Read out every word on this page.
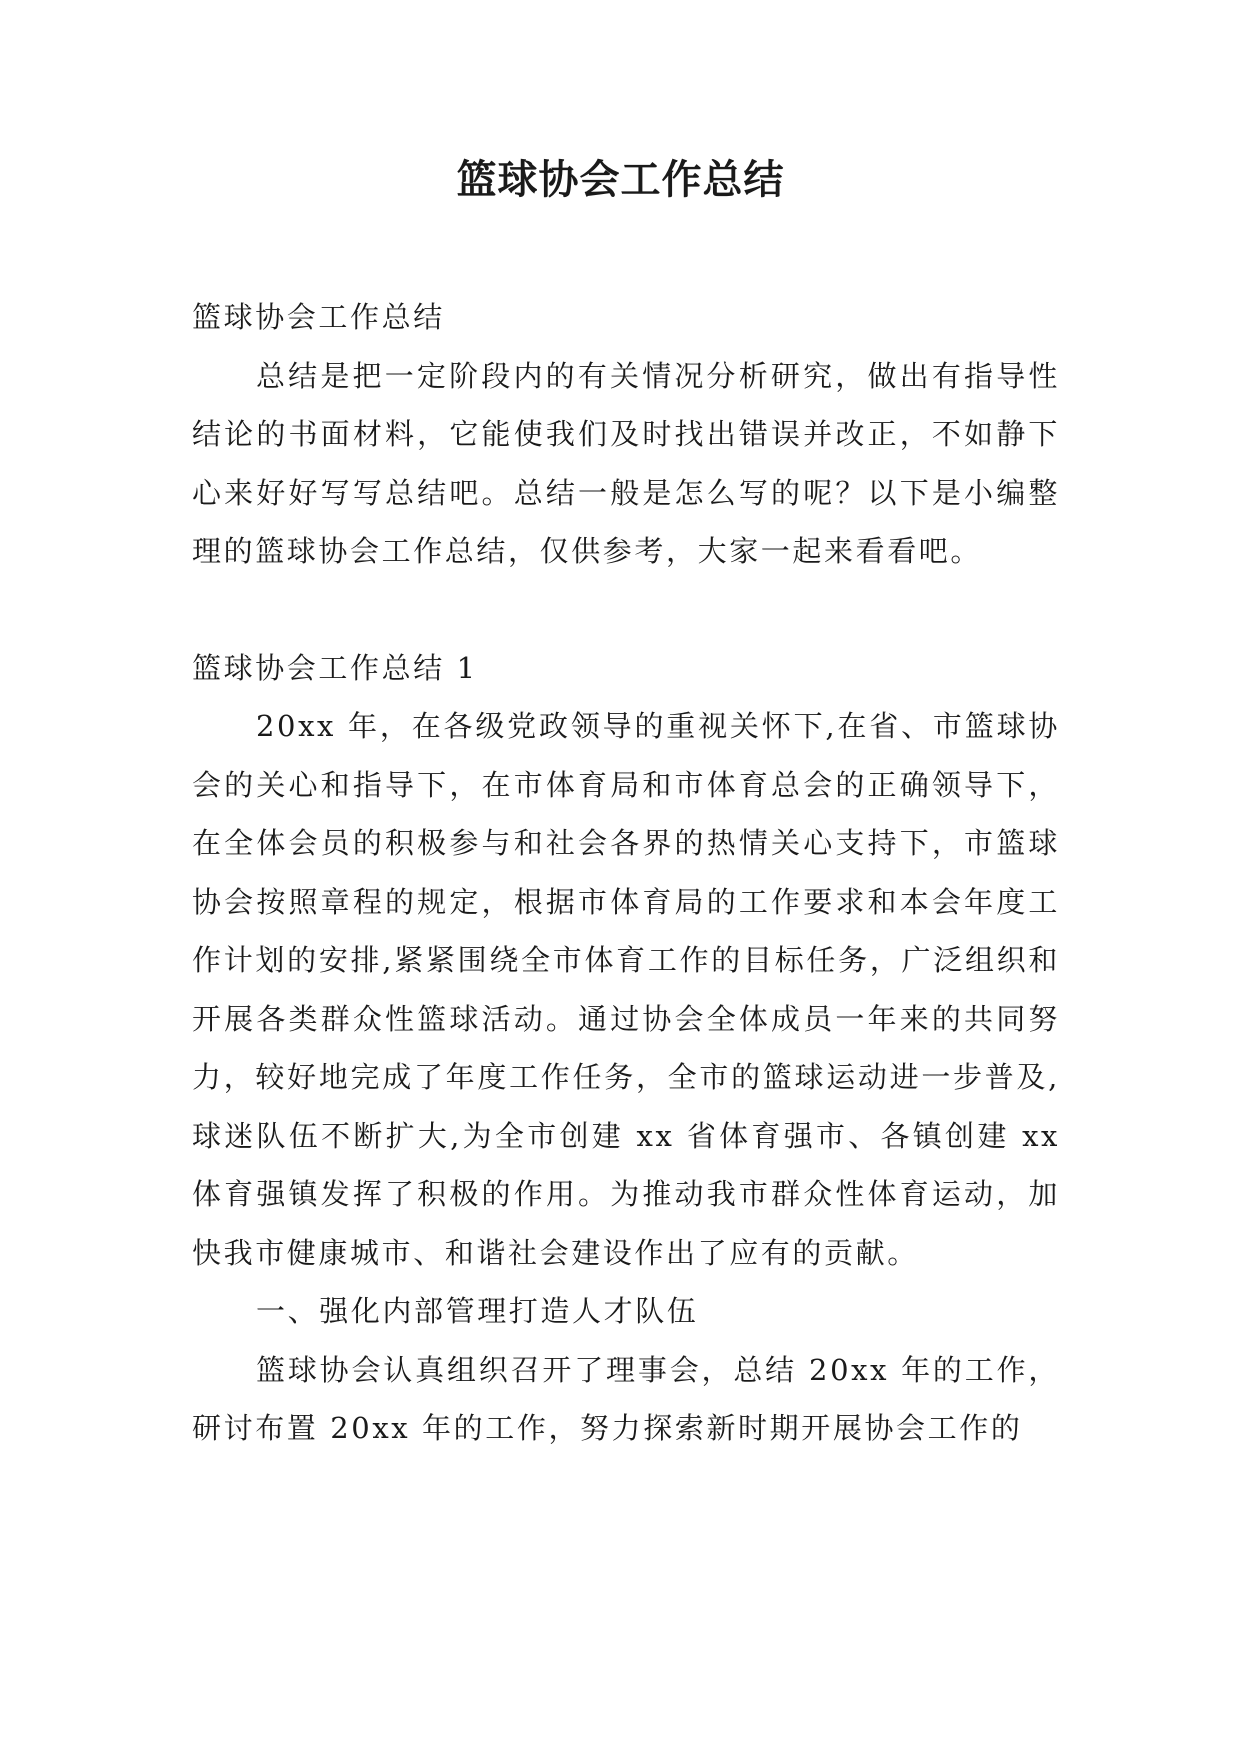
篮球协会工作总结

篮球协会工作总结

总结是把一定阶段内的有关情况分析研究，做出有指导性结论的书面材料，它能使我们及时找出错误并改正，不如静下心来好好写写总结吧。总结一般是怎么写的呢？以下是小编整理的篮球协会工作总结，仅供参考，大家一起来看看吧。

篮球协会工作总结 1

20xx 年，在各级党政领导的重视关怀下,在省、市篮球协会的关心和指导下，在市体育局和市体育总会的正确领导下，在全体会员的积极参与和社会各界的热情关心支持下，市篮球协会按照章程的规定，根据市体育局的工作要求和本会年度工作计划的安排,紧紧围绕全市体育工作的目标任务，广泛组织和开展各类群众性篮球活动。通过协会全体成员一年来的共同努力，较好地完成了年度工作任务，全市的篮球运动进一步普及,球迷队伍不断扩大,为全市创建 xx 省体育强市、各镇创建 xx 体育强镇发挥了积极的作用。为推动我市群众性体育运动，加快我市健康城市、和谐社会建设作出了应有的贡献。

一、强化内部管理打造人才队伍

篮球协会认真组织召开了理事会，总结 20xx 年的工作，研讨布置 20xx 年的工作，努力探索新时期开展协会工作的
